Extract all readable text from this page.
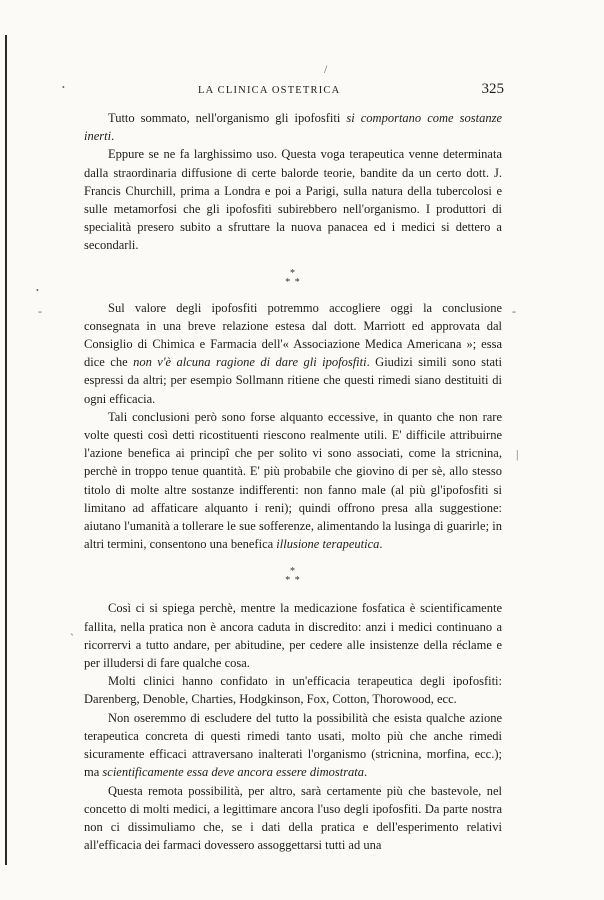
/
•
•
-
-
|
`
LA CLINICA OSTETRICA	325

Tutto sommato, nell'organismo gli ipofosfiti si comportano come sostanze inerti.

Eppure se ne fa larghissimo uso. Questa voga terapeutica venne determinata dalla straordinaria diffusione di certe balorde teorie, bandite da un certo dott. J. Francis Churchill, prima a Londra e poi a Parigi, sulla natura della tubercolosi e sulle metamorfosi che gli ipofosfiti subirebbero nell'organismo. I produttori di specialità presero subito a sfruttare la nuova panacea ed i medici si dettero a secondarli.

*
* *

Sul valore degli ipofosfiti potremmo accogliere oggi la conclusione consegnata in una breve relazione estesa dal dott. Marriott ed approvata dal Consiglio di Chimica e Farmacia dell'« Associazione Medica Americana »; essa dice che non v'è alcuna ragione di dare gli ipofosfiti. Giudizi simili sono stati espressi da altri; per esempio Sollmann ritiene che questi rimedi siano destituiti di ogni efficacia.

Tali conclusioni però sono forse alquanto eccessive, in quanto che non rare volte questi così detti ricostituenti riescono realmente utili. E' difficile attribuirne l'azione benefica ai principî che per solito vi sono associati, come la stricnina, perchè in troppo tenue quantità. E' più probabile che giovino di per sè, allo stesso titolo di molte altre sostanze indifferenti: non fanno male (al più gl'ipofosfiti si limitano ad affaticare alquanto i reni); quindi offrono presa alla suggestione: aiutano l'umanità a tollerare le sue sofferenze, alimentando la lusinga di guarirle; in altri termini, consentono una benefica illusione terapeutica.

*
* *

Così ci si spiega perchè, mentre la medicazione fosfatica è scientificamente fallita, nella pratica non è ancora caduta in discredito: anzi i medici continuano a ricorrervi a tutto andare, per abitudine, per cedere alle insistenze della réclame e per illudersi di fare qualche cosa.

Molti clinici hanno confidato in un'efficacia terapeutica degli ipofosfiti: Darenberg, Denoble, Charties, Hodgkinson, Fox, Cotton, Thorowood, ecc.

Non oseremmo di escludere del tutto la possibilità che esista qualche azione terapeutica concreta di questi rimedi tanto usati, molto più che anche rimedi sicuramente efficaci attraversano inalterati l'organismo (stricnina, morfina, ecc.); ma scientificamente essa deve ancora essere dimostrata.

Questa remota possibilità, per altro, sarà certamente più che bastevole, nel concetto di molti medici, a legittimare ancora l'uso degli ipofosfiti. Da parte nostra non ci dissimuliamo che, se i dati della pratica e dell'esperimento relativi all'efficacia dei farmaci dovessero assoggettarsi tutti ad una
